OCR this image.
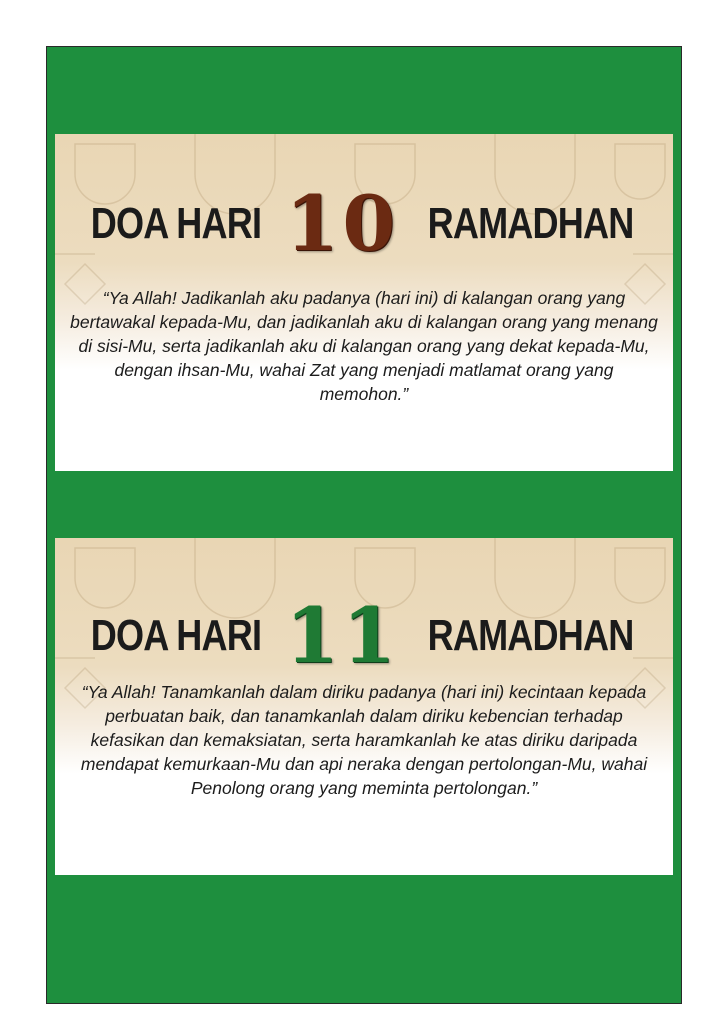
DOA HARI 10 RAMADHAN
“Ya Allah! Jadikanlah aku padanya (hari ini) di kalangan orang yang bertawakal kepada-Mu, dan jadikanlah aku di kalangan orang yang menang di sisi-Mu, serta jadikanlah aku di kalangan orang yang dekat kepada-Mu, dengan ihsan-Mu, wahai Zat yang menjadi matlamat orang yang memohon.”
DOA HARI 11 RAMADHAN
“Ya Allah! Tanamkanlah dalam diriku padanya (hari ini) kecintaan kepada perbuatan baik, dan tanamkanlah dalam diriku kebencian terhadap kefasikan dan kemaksiatan, serta haramkanlah ke atas diriku daripada mendapat kemurkaan-Mu dan api neraka dengan pertolongan-Mu, wahai Penolong orang yang meminta pertolongan.”
